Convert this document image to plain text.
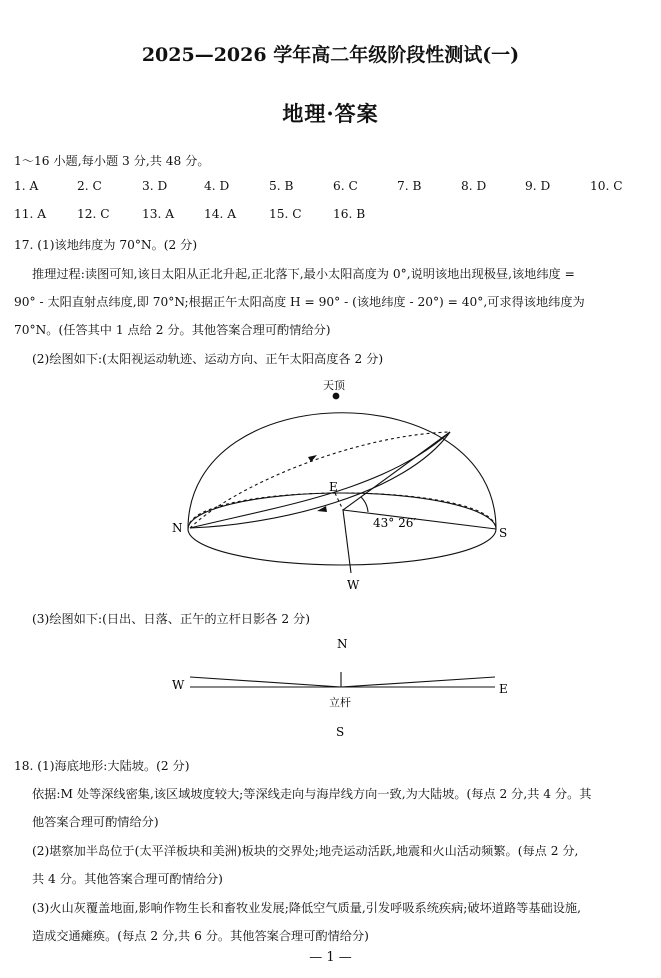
2025—2026 学年高二年级阶段性测试(一)
地理·答案
1～16 小题,每小题 3 分,共 48 分。
1. A	2. C	3. D	4. D	5. B	6. C	7. B	8. D	9. D	10. C
11. A	12. C	13. A 14. A	15. C	16. B
17. (1)该地纬度为 70°N。(2 分)
推理过程:读图可知,该日太阳从正北升起,正北落下,最小太阳高度为 0°,说明该地出现极昼,该地纬度 =
90° - 太阳直射点纬度,即 70°N;根据正午太阳高度 H = 90° - (该地纬度 - 20°) = 40°,可求得该地纬度为
70°N。(任答其中 1 点给 2 分。其他答案合理可酌情给分)
(2)绘图如下:(太阳视运动轨迹、运动方向、正午太阳高度各 2 分)
天顶
N	S
E
W
43° 26′
(3)绘图如下:(日出、日落、正午的立杆日影各 2 分)
N
W	E
立杆
S
18. (1)海底地形:大陆坡。(2 分)
依据:M 处等深线密集,该区域坡度较大;等深线走向与海岸线方向一致,为大陆坡。(每点 2 分,共 4 分。其
他答案合理可酌情给分)
(2)堪察加半岛位于(太平洋板块和美洲)板块的交界处;地壳运动活跃,地震和火山活动频繁。(每点 2 分,
共 4 分。其他答案合理可酌情给分)
(3)火山灰覆盖地面,影响作物生长和畜牧业发展;降低空气质量,引发呼吸系统疾病;破坏道路等基础设施,
造成交通瘫痪。(每点 2 分,共 6 分。其他答案合理可酌情给分)
— 1 —
